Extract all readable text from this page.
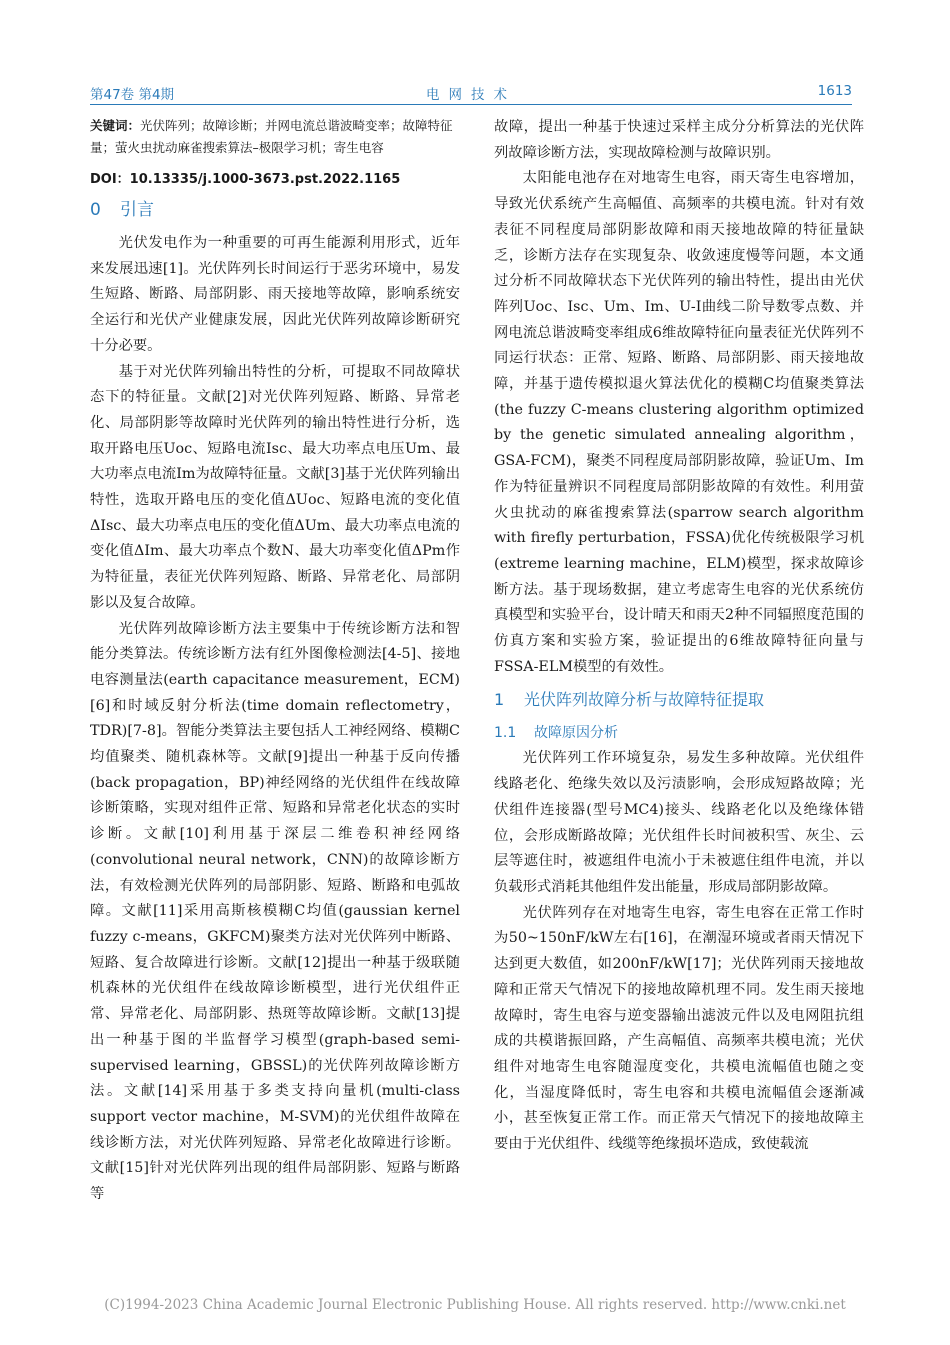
第47卷 第4期	电网技术	1613
关键词：光伏阵列；故障诊断；并网电流总谐波畸变率；故障特征量；萤火虫扰动麻雀搜索算法–极限学习机；寄生电容
DOI：10.13335/j.1000-3673.pst.2022.1165
0 引言

光伏发电作为一种重要的可再生能源利用形式，近年来发展迅速[1]。光伏阵列长时间运行于恶劣环境中，易发生短路、断路、局部阴影、雨天接地等故障，影响系统安全运行和光伏产业健康发展，因此光伏阵列故障诊断研究十分必要。

基于对光伏阵列输出特性的分析，可提取不同故障状态下的特征量。文献[2]对光伏阵列短路、断路、异常老化、局部阴影等故障时光伏阵列的输出特性进行分析，选取开路电压Uoc、短路电流Isc、最大功率点电压Um、最大功率点电流Im为故障特征量。文献[3]基于光伏阵列输出特性，选取开路电压的变化值ΔUoc、短路电流的变化值ΔIsc、最大功率点电压的变化值ΔUm、最大功率点电流的变化值ΔIm、最大功率点个数N、最大功率变化值ΔPm作为特征量，表征光伏阵列短路、断路、异常老化、局部阴影以及复合故障。

光伏阵列故障诊断方法主要集中于传统诊断方法和智能分类算法。传统诊断方法有红外图像检测法[4-5]、接地电容测量法(earth capacitance measurement，ECM)[6]和时域反射分析法(time domain reflectometry，TDR)[7-8]。智能分类算法主要包括人工神经网络、模糊C均值聚类、随机森林等。文献[9]提出一种基于反向传播(back propagation，BP)神经网络的光伏组件在线故障诊断策略，实现对组件正常、短路和异常老化状态的实时诊断。文献[10]利用基于深层二维卷积神经网络(convolutional neural network，CNN)的故障诊断方法，有效检测光伏阵列的局部阴影、短路、断路和电弧故障。文献[11]采用高斯核模糊C均值(gaussian kernel fuzzy c-means，GKFCM)聚类方法对光伏阵列中断路、短路、复合故障进行诊断。文献[12]提出一种基于级联随机森林的光伏组件在线故障诊断模型，进行光伏组件正常、异常老化、局部阴影、热斑等故障诊断。文献[13]提出一种基于图的半监督学习模型(graph-based semi-supervised learning，GBSSL)的光伏阵列故障诊断方法。文献[14]采用基于多类支持向量机(multi-class support vector machine，M-SVM)的光伏组件故障在线诊断方法，对光伏阵列短路、异常老化故障进行诊断。文献[15]针对光伏阵列出现的组件局部阴影、短路与断路等

故障，提出一种基于快速过采样主成分分析算法的光伏阵列故障诊断方法，实现故障检测与故障识别。

太阳能电池存在对地寄生电容，雨天寄生电容增加，导致光伏系统产生高幅值、高频率的共模电流。针对有效表征不同程度局部阴影故障和雨天接地故障的特征量缺乏，诊断方法存在实现复杂、收敛速度慢等问题，本文通过分析不同故障状态下光伏阵列的输出特性，提出由光伏阵列Uoc、Isc、Um、Im、U-I曲线二阶导数零点数、并网电流总谐波畸变率组成6维故障特征向量表征光伏阵列不同运行状态：正常、短路、断路、局部阴影、雨天接地故障，并基于遗传模拟退火算法优化的模糊C均值聚类算法(the fuzzy C-means clustering algorithm optimized by the genetic simulated annealing algorithm，GSA-FCM)，聚类不同程度局部阴影故障，验证Um、Im作为特征量辨识不同程度局部阴影故障的有效性。利用萤火虫扰动的麻雀搜索算法(sparrow search algorithm with firefly perturbation，FSSA)优化传统极限学习机(extreme learning machine，ELM)模型，探求故障诊断方法。基于现场数据，建立考虑寄生电容的光伏系统仿真模型和实验平台，设计晴天和雨天2种不同辐照度范围的仿真方案和实验方案，验证提出的6维故障特征向量与FSSA-ELM模型的有效性。

1 光伏阵列故障分析与故障特征提取
1.1 故障原因分析

光伏阵列工作环境复杂，易发生多种故障。光伏组件线路老化、绝缘失效以及污渍影响，会形成短路故障；光伏组件连接器(型号MC4)接头、线路老化以及绝缘体错位，会形成断路故障；光伏组件长时间被积雪、灰尘、云层等遮住时，被遮组件电流小于未被遮住组件电流，并以负载形式消耗其他组件发出能量，形成局部阴影故障。

光伏阵列存在对地寄生电容，寄生电容在正常工作时为50~150nF/kW左右[16]，在潮湿环境或者雨天情况下达到更大数值，如200nF/kW[17]；光伏阵列雨天接地故障和正常天气情况下的接地故障机理不同。发生雨天接地故障时，寄生电容与逆变器输出滤波元件以及电网阻抗组成的共模谐振回路，产生高幅值、高频率共模电流；光伏组件对地寄生电容随湿度变化，共模电流幅值也随之变化，当湿度降低时，寄生电容和共模电流幅值会逐渐减小，甚至恢复正常工作。而正常天气情况下的接地故障主要由于光伏组件、线缆等绝缘损坏造成，致使载流

(C)1994-2023 China Academic Journal Electronic Publishing House. All rights reserved. http://www.cnki.net
